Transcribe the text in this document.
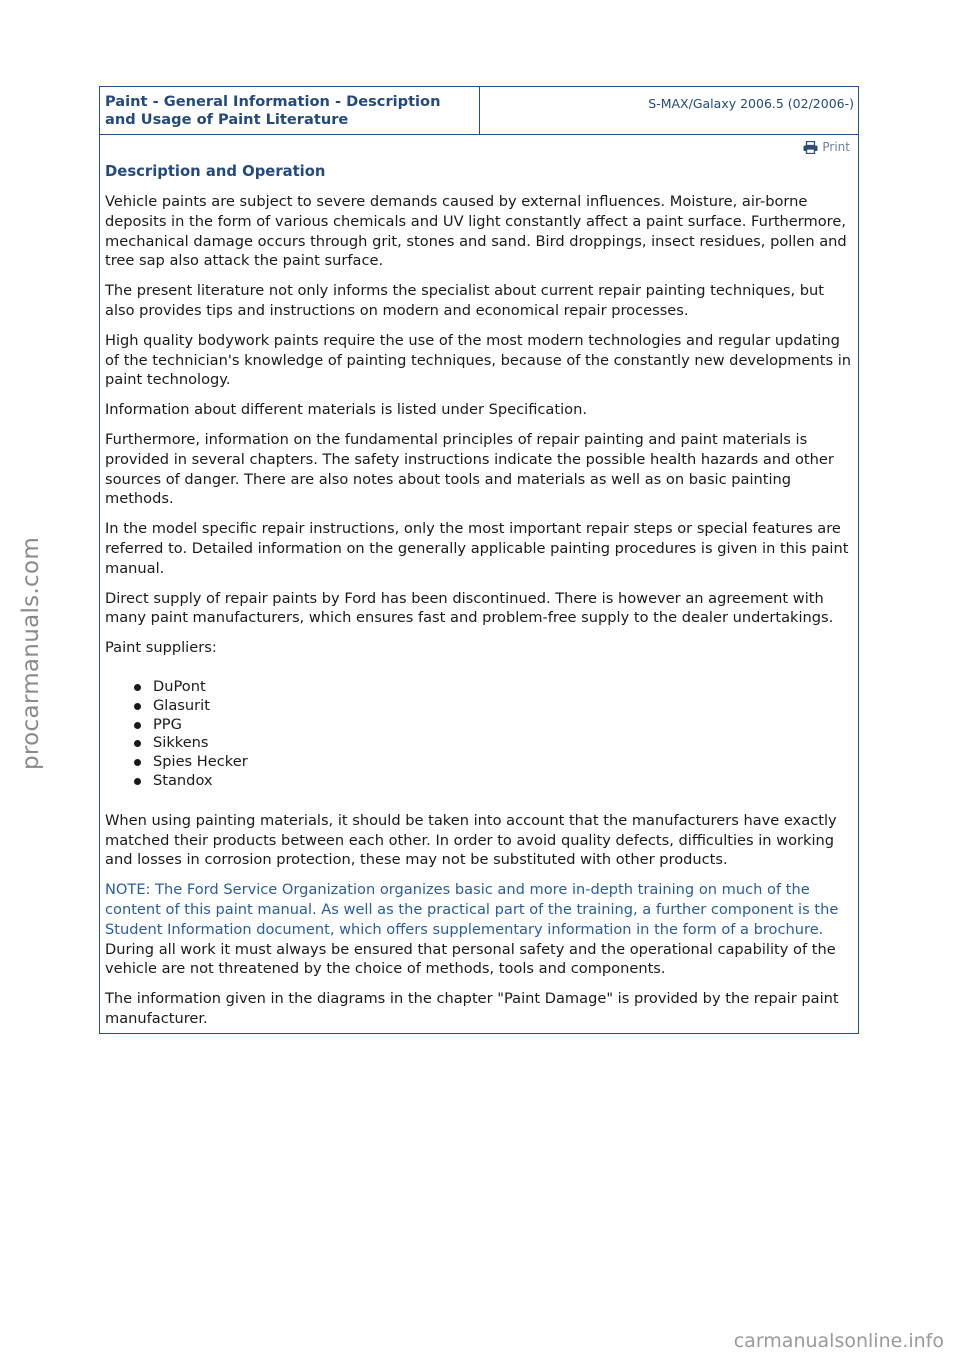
Paint - General Information - Description and Usage of Paint Literature
S-MAX/Galaxy 2006.5 (02/2006-)
Print
Description and Operation

Vehicle paints are subject to severe demands caused by external influences. Moisture, air-borne deposits in the form of various chemicals and UV light constantly affect a paint surface. Furthermore, mechanical damage occurs through grit, stones and sand. Bird droppings, insect residues, pollen and tree sap also attack the paint surface.

The present literature not only informs the specialist about current repair painting techniques, but also provides tips and instructions on modern and economical repair processes.

High quality bodywork paints require the use of the most modern technologies and regular updating of the technician's knowledge of painting techniques, because of the constantly new developments in paint technology.

Information about different materials is listed under Specification.

Furthermore, information on the fundamental principles of repair painting and paint materials is provided in several chapters. The safety instructions indicate the possible health hazards and other sources of danger. There are also notes about tools and materials as well as on basic painting methods.

In the model specific repair instructions, only the most important repair steps or special features are referred to. Detailed information on the generally applicable painting procedures is given in this paint manual.

Direct supply of repair paints by Ford has been discontinued. There is however an agreement with many paint manufacturers, which ensures fast and problem-free supply to the dealer undertakings.

Paint suppliers:

DuPont
Glasurit
PPG
Sikkens
Spies Hecker
Standox

When using painting materials, it should be taken into account that the manufacturers have exactly matched their products between each other. In order to avoid quality defects, difficulties in working and losses in corrosion protection, these may not be substituted with other products.

NOTE: The Ford Service Organization organizes basic and more in-depth training on much of the content of this paint manual. As well as the practical part of the training, a further component is the Student Information document, which offers supplementary information in the form of a brochure.

During all work it must always be ensured that personal safety and the operational capability of the vehicle are not threatened by the choice of methods, tools and components.

The information given in the diagrams in the chapter "Paint Damage" is provided by the repair paint manufacturer.

procarmanuals.com
carmanualsonline.info
